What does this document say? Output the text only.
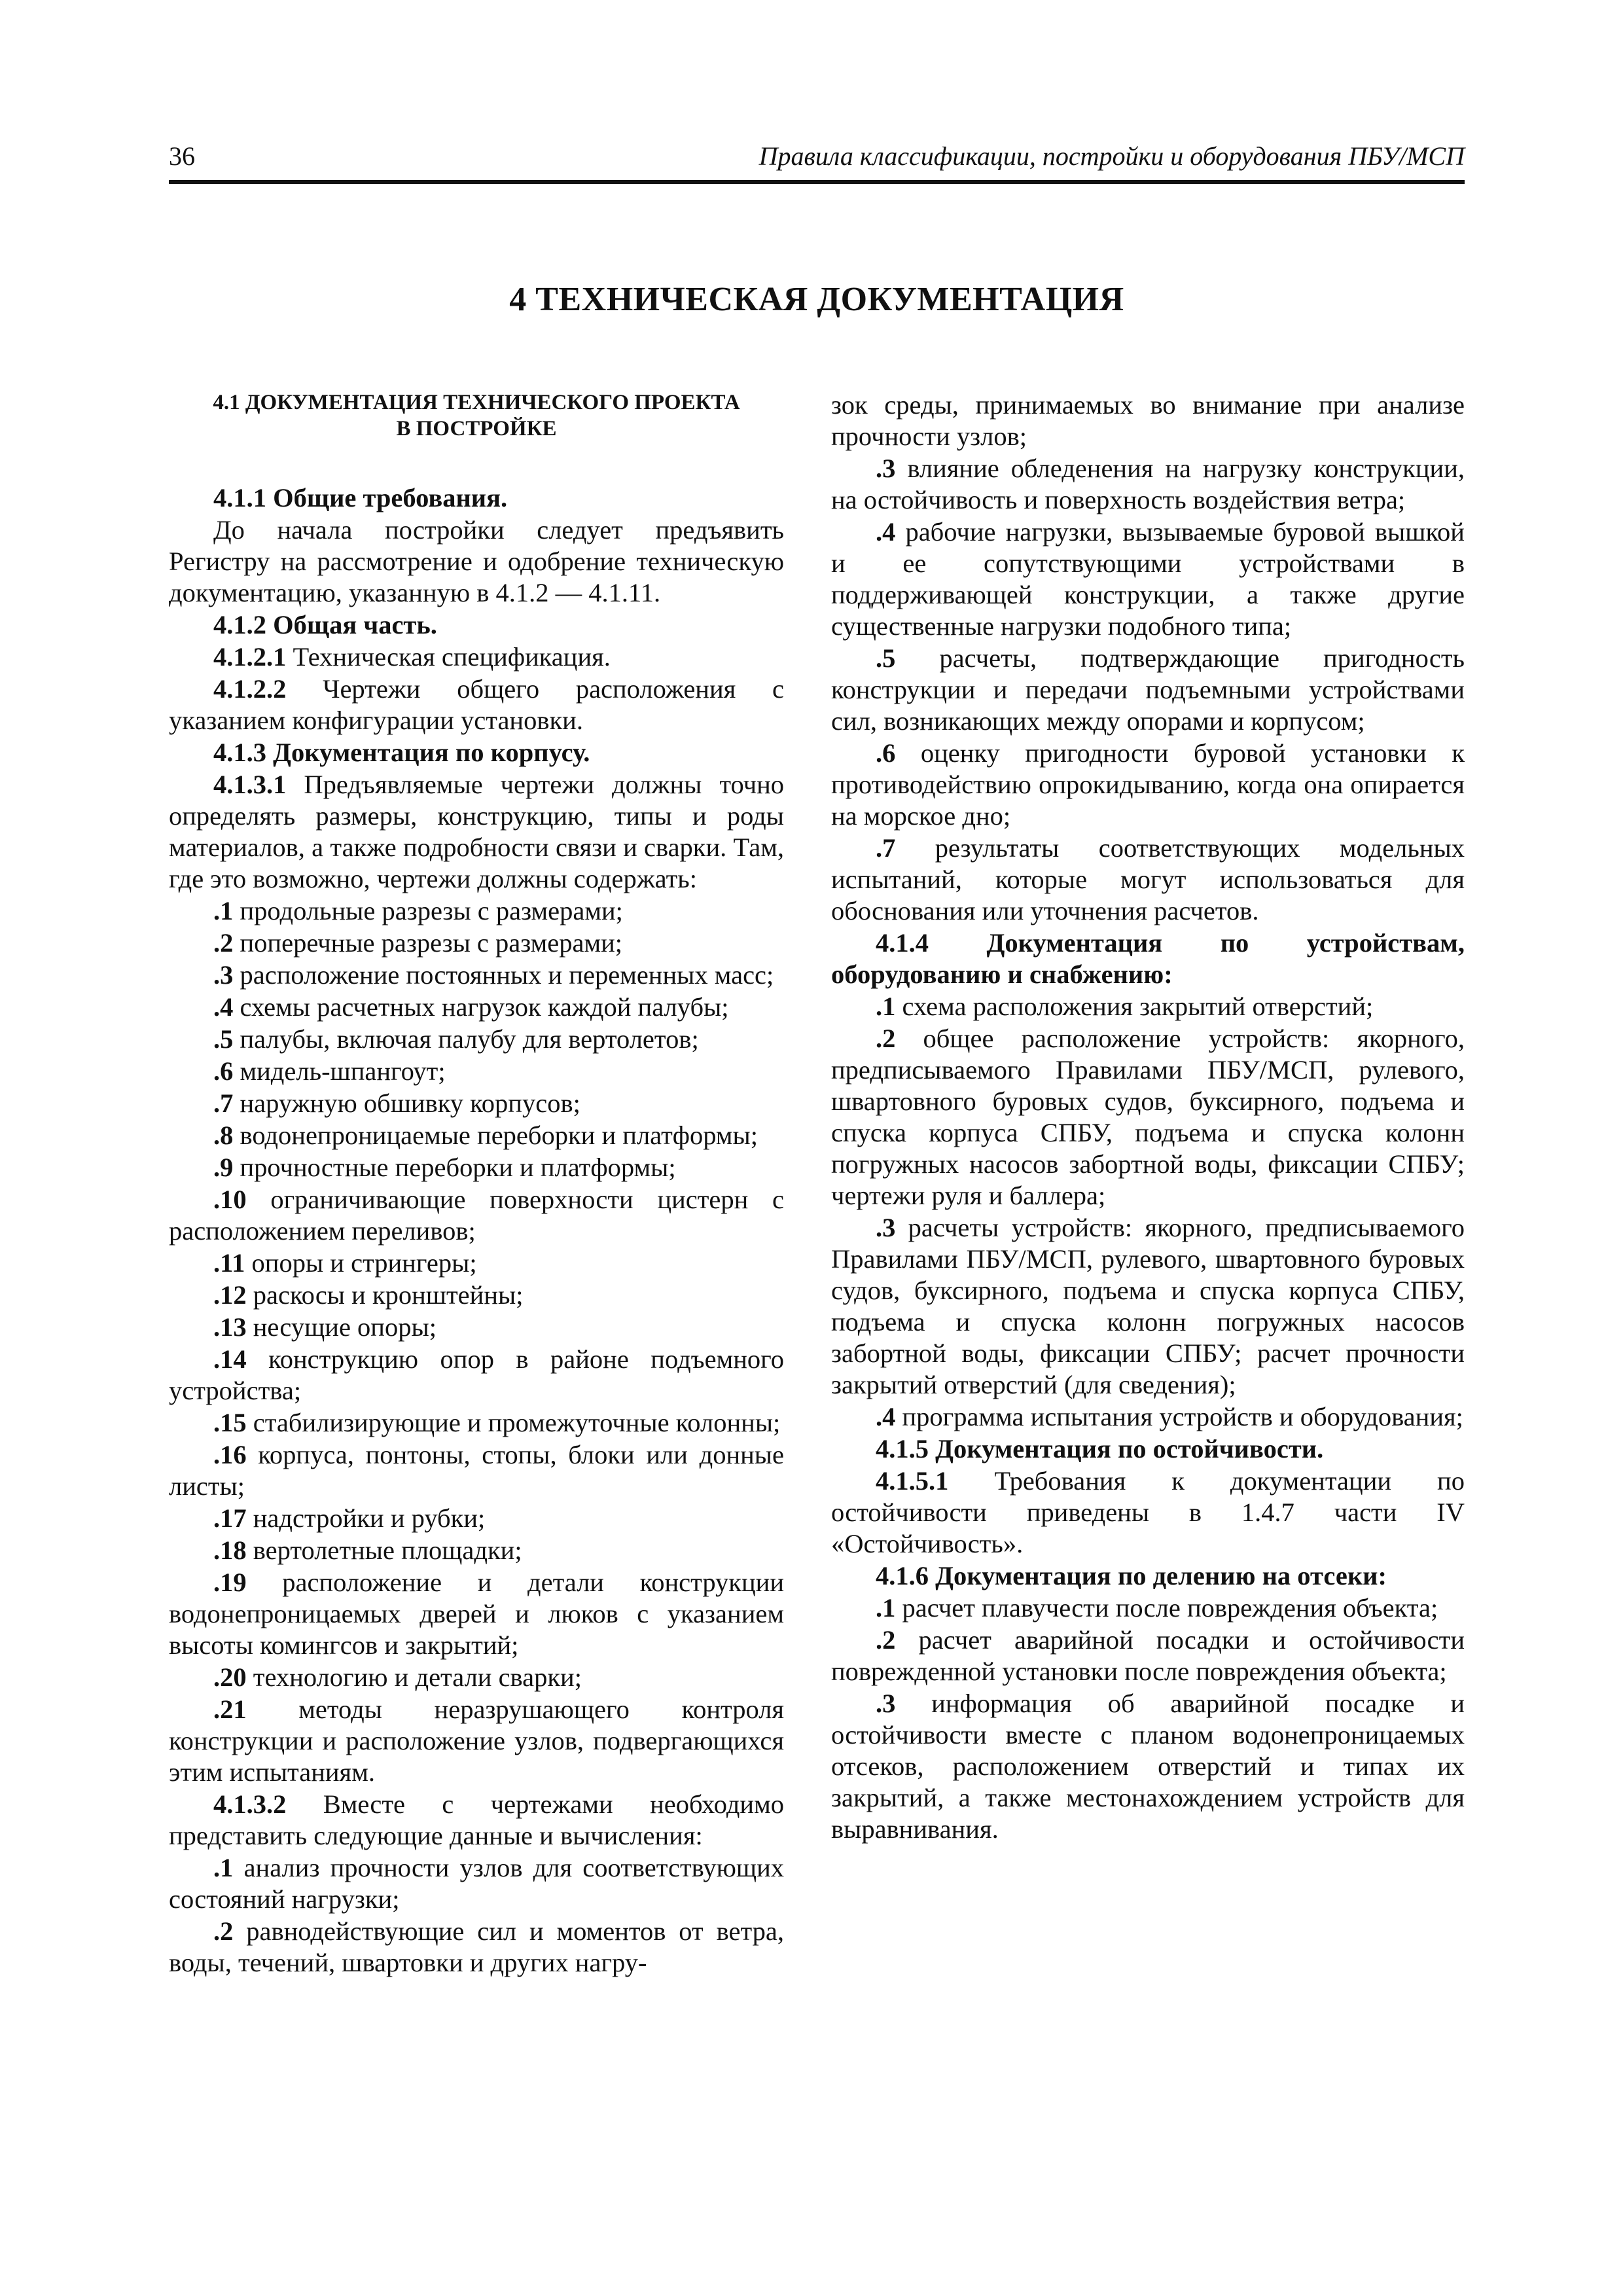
36	Правила классификации, постройки и оборудования ПБУ/МСП
4 ТЕХНИЧЕСКАЯ ДОКУМЕНТАЦИЯ
4.1 ДОКУМЕНТАЦИЯ ТЕХНИЧЕСКОГО ПРОЕКТА
В ПОСТРОЙКЕ

4.1.1 Общие требования.

До начала постройки следует предъявить Регистру на рассмотрение и одобрение техническую документацию, указанную в 4.1.2 — 4.1.11.

4.1.2 Общая часть.

4.1.2.1 Техническая спецификация.

4.1.2.2 Чертежи общего расположения с указанием конфигурации установки.

4.1.3 Документация по корпусу.

4.1.3.1 Предъявляемые чертежи должны точно определять размеры, конструкцию, типы и роды материалов, а также подробности связи и сварки. Там, где это возможно, чертежи должны содержать:

.1 продольные разрезы с размерами;

.2 поперечные разрезы с размерами;

.3 расположение постоянных и переменных масс;

.4 схемы расчетных нагрузок каждой палубы;

.5 палубы, включая палубу для вертолетов;

.6 мидель-шпангоут;

.7 наружную обшивку корпусов;

.8 водонепроницаемые переборки и платформы;

.9 прочностные переборки и платформы;

.10 ограничивающие поверхности цистерн с расположением переливов;

.11 опоры и стрингеры;

.12 раскосы и кронштейны;

.13 несущие опоры;

.14 конструкцию опор в районе подъемного устройства;

.15 стабилизирующие и промежуточные колонны;

.16 корпуса, понтоны, стопы, блоки или донные листы;

.17 надстройки и рубки;

.18 вертолетные площадки;

.19 расположение и детали конструкции водонепроницаемых дверей и люков с указанием высоты комингсов и закрытий;

.20 технологию и детали сварки;

.21 методы неразрушающего контроля конструкции и расположение узлов, подвергающихся этим испытаниям.

4.1.3.2 Вместе с чертежами необходимо представить следующие данные и вычисления:

.1 анализ прочности узлов для соответствующих состояний нагрузки;

.2 равнодействующие сил и моментов от ветра, воды, течений, швартовки и других нагру-

зок среды, принимаемых во внимание при анализе прочности узлов;

.3 влияние обледенения на нагрузку конструкции, на остойчивость и поверхность воздействия ветра;

.4 рабочие нагрузки, вызываемые буровой вышкой и ее сопутствующими устройствами в поддерживающей конструкции, а также другие существенные нагрузки подобного типа;

.5 расчеты, подтверждающие пригодность конструкции и передачи подъемными устройствами сил, возникающих между опорами и корпусом;

.6 оценку пригодности буровой установки к противодействию опрокидыванию, когда она опирается на морское дно;

.7 результаты соответствующих модельных испытаний, которые могут использоваться для обоснования или уточнения расчетов.

4.1.4 Документация по устройствам, оборудованию и снабжению:

.1 схема расположения закрытий отверстий;

.2 общее расположение устройств: якорного, предписываемого Правилами ПБУ/МСП, рулевого, швартовного буровых судов, буксирного, подъема и спуска корпуса СПБУ, подъема и спуска колонн погружных насосов забортной воды, фиксации СПБУ; чертежи руля и баллера;

.3 расчеты устройств: якорного, предписываемого Правилами ПБУ/МСП, рулевого, швартовного буровых судов, буксирного, подъема и спуска корпуса СПБУ, подъема и спуска колонн погружных насосов забортной воды, фиксации СПБУ; расчет прочности закрытий отверстий (для сведения);

.4 программа испытания устройств и оборудования;

4.1.5 Документация по остойчивости.

4.1.5.1 Требования к документации по остойчивости приведены в 1.4.7 части IV «Остойчивость».

4.1.6 Документация по делению на отсеки:

.1 расчет плавучести после повреждения объекта;

.2 расчет аварийной посадки и остойчивости поврежденной установки после повреждения объекта;

.3 информация об аварийной посадке и остойчивости вместе с планом водонепроницаемых отсеков, расположением отверстий и типах их закрытий, а также местонахождением устройств для выравнивания.
